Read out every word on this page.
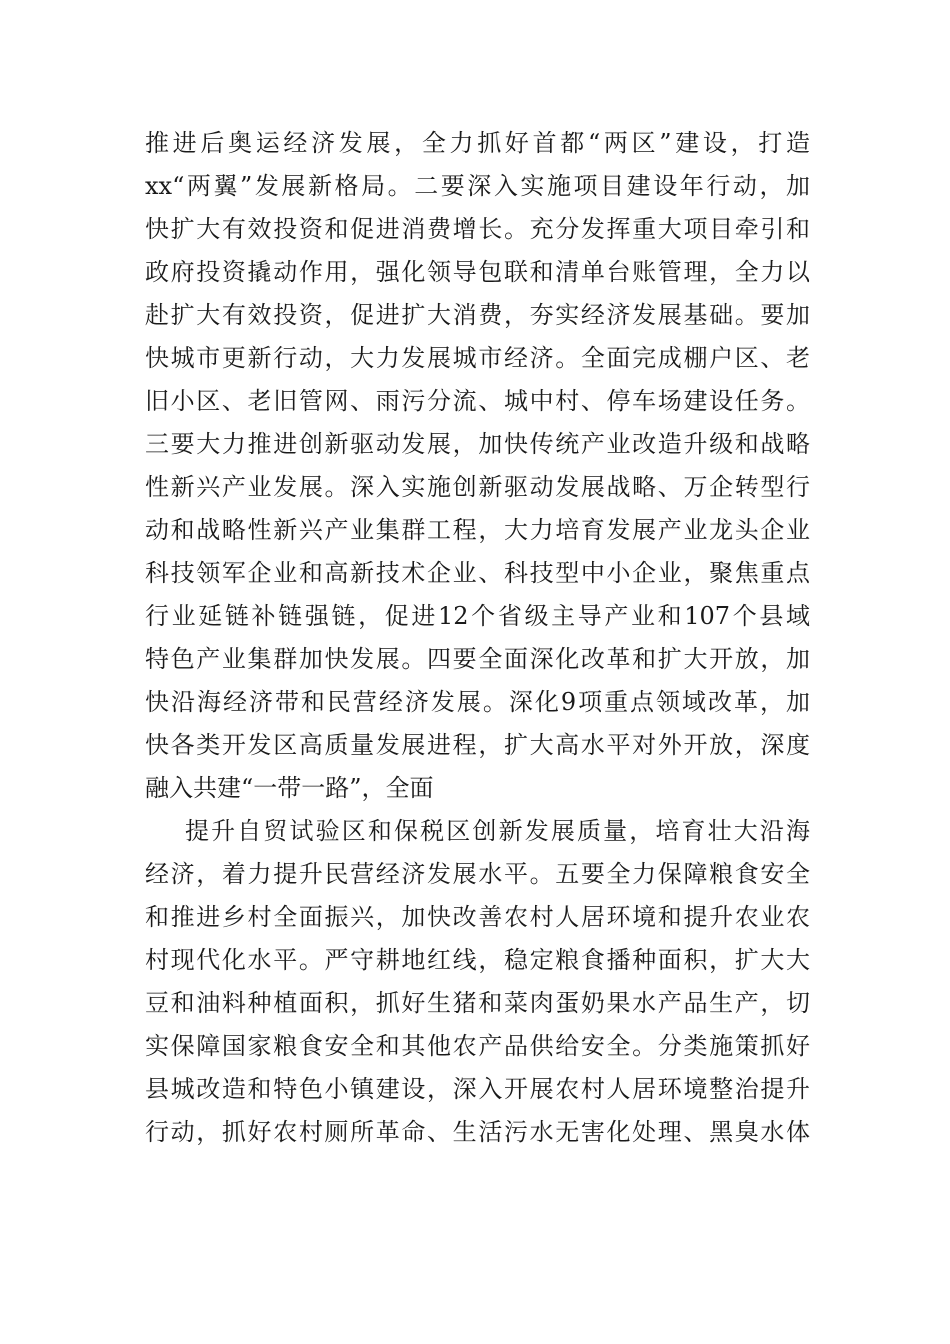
推进后奥运经济发展，全力抓好首都“两区”建设，打造
xx“两翼”发展新格局。二要深入实施项目建设年行动，加
快扩大有效投资和促进消费增长。充分发挥重大项目牵引和
政府投资撬动作用，强化领导包联和清单台账管理，全力以
赴扩大有效投资，促进扩大消费，夯实经济发展基础。要加
快城市更新行动，大力发展城市经济。全面完成棚户区、老
旧小区、老旧管网、雨污分流、城中村、停车场建设任务。
三要大力推进创新驱动发展，加快传统产业改造升级和战略
性新兴产业发展。深入实施创新驱动发展战略、万企转型行
动和战略性新兴产业集群工程，大力培育发展产业龙头企业
科技领军企业和高新技术企业、科技型中小企业，聚焦重点
行业延链补链强链，促进12个省级主导产业和107个县域
特色产业集群加快发展。四要全面深化改革和扩大开放，加
快沿海经济带和民营经济发展。深化9项重点领域改革，加
快各类开发区高质量发展进程，扩大高水平对外开放，深度
融入共建“一带一路”，全面
提升自贸试验区和保税区创新发展质量，培育壮大沿海
经济，着力提升民营经济发展水平。五要全力保障粮食安全
和推进乡村全面振兴，加快改善农村人居环境和提升农业农
村现代化水平。严守耕地红线，稳定粮食播种面积，扩大大
豆和油料种植面积，抓好生猪和菜肉蛋奶果水产品生产，切
实保障国家粮食安全和其他农产品供给安全。分类施策抓好
县城改造和特色小镇建设，深入开展农村人居环境整治提升
行动，抓好农村厕所革命、生活污水无害化处理、黑臭水体
